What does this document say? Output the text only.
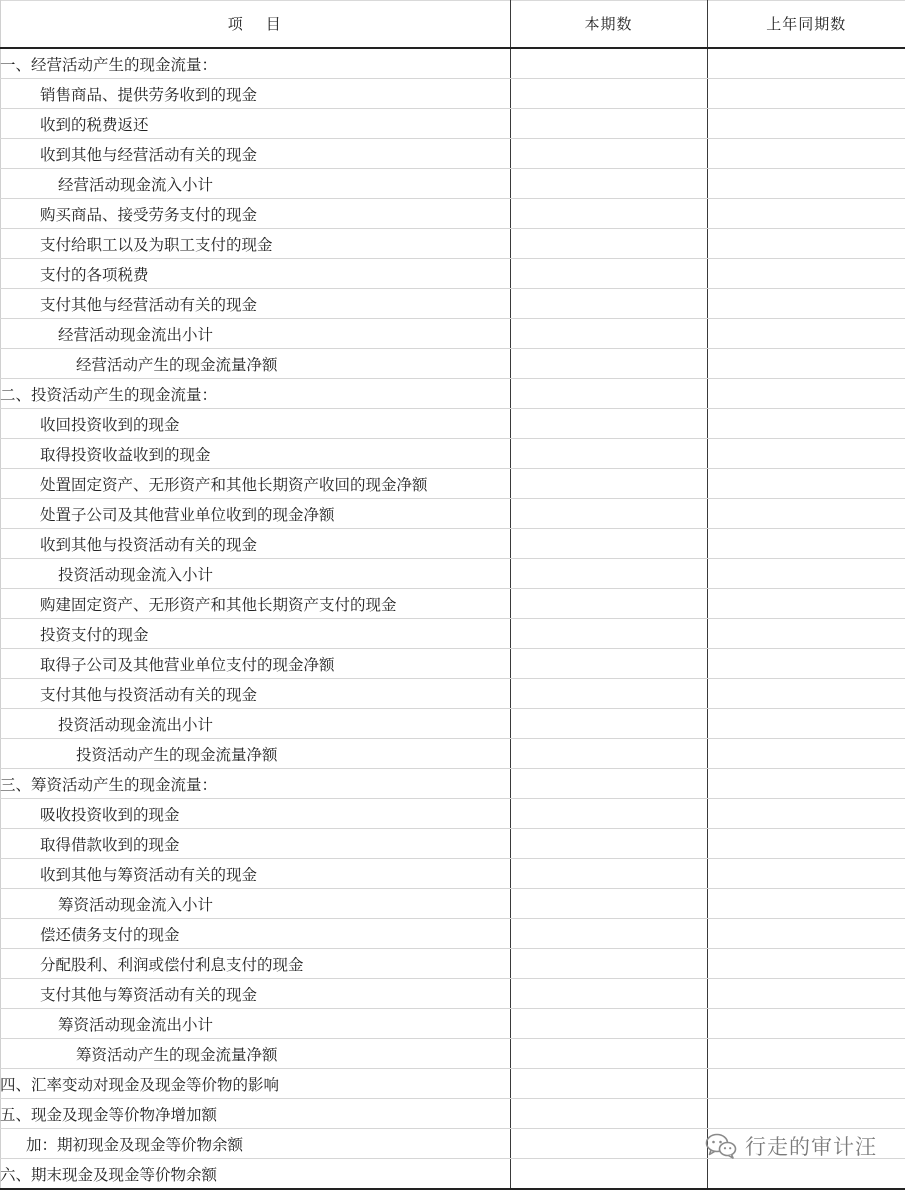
项 目	本期数	上年同期数
一、经营活动产生的现金流量：		
销售商品、提供劳务收到的现金		
收到的税费返还		
收到其他与经营活动有关的现金		
经营活动现金流入小计		
购买商品、接受劳务支付的现金		
支付给职工以及为职工支付的现金		
支付的各项税费		
支付其他与经营活动有关的现金		
经营活动现金流出小计		
经营活动产生的现金流量净额		
二、投资活动产生的现金流量：		
收回投资收到的现金		
取得投资收益收到的现金		
处置固定资产、无形资产和其他长期资产收回的现金净额		
处置子公司及其他营业单位收到的现金净额		
收到其他与投资活动有关的现金		
投资活动现金流入小计		
购建固定资产、无形资产和其他长期资产支付的现金		
投资支付的现金		
取得子公司及其他营业单位支付的现金净额		
支付其他与投资活动有关的现金		
投资活动现金流出小计		
投资活动产生的现金流量净额		
三、筹资活动产生的现金流量：		
吸收投资收到的现金		
取得借款收到的现金		
收到其他与筹资活动有关的现金		
筹资活动现金流入小计		
偿还债务支付的现金		
分配股利、利润或偿付利息支付的现金		
支付其他与筹资活动有关的现金		
筹资活动现金流出小计		
筹资活动产生的现金流量净额		
四、汇率变动对现金及现金等价物的影响		
五、现金及现金等价物净增加额		
加：期初现金及现金等价物余额		
六、期末现金及现金等价物余额		
行走的审计汪
